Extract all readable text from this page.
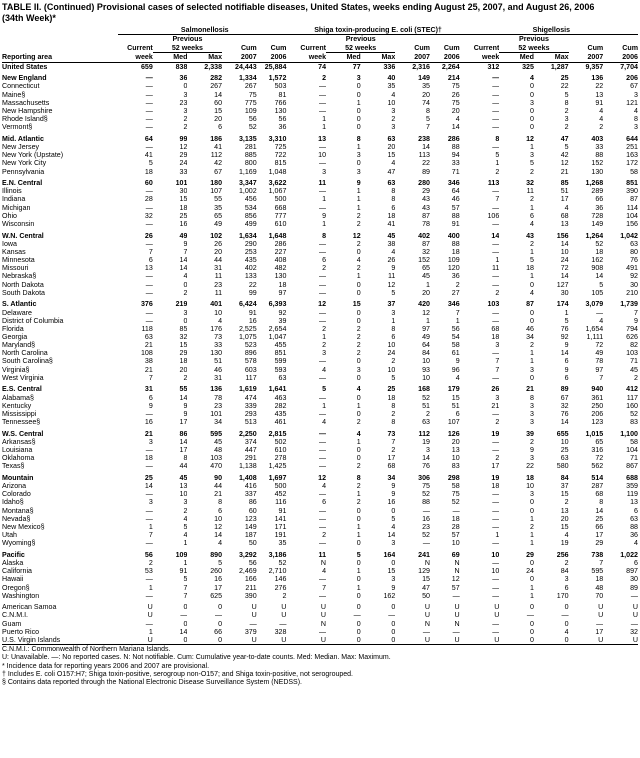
TABLE II. (Continued) Provisional cases of selected notifiable diseases, United States, weeks ending August 25, 2007, and August 26, 2006
(34th Week)*
	Salmonellosis					Shiga toxin-producing E. coli (STEC)†					Shigellosis				
		Previous					Previous					Previous			
	Current	52 weeks		Cum	Cum	Current	52 weeks		Cum	Cum	Current	52 weeks		Cum	Cum
Reporting area	week	Med	Max	2007	2006	week	Med	Max	2007	2006	week	Med	Max	2007	2006
United States	659	838	2,338	24,443	25,884	74	77	336	2,316	2,264	312	325	1,287	9,357	7,704

New England	—	36	282	1,334	1,572	2	3	40	149	214	—	4	25	136	206
Connecticut	—	0	267	267	503	—	0	35	35	75	—	0	22	22	67
Maine§	—	3	14	75	81	—	0	4	20	26	—	0	5	13	3
Massachusetts	—	23	60	775	766	—	1	10	74	75	—	3	8	91	121
New Hampshire	—	3	15	109	130	—	0	3	8	20	—	0	2	4	4
Rhode Island§	—	2	20	56	56	1	0	2	5	4	—	0	3	4	8
Vermont§	—	2	6	52	36	1	0	3	7	14	—	0	2	2	3

Mid. Atlantic	64	99	186	3,135	3,310	13	8	63	238	286	8	12	47	403	644
New Jersey	—	12	41	281	725	—	1	20	14	88	—	1	5	33	251
New York (Upstate)	41	29	112	885	722	10	3	15	113	94	5	3	42	88	163
New York City	5	24	42	800	815	—	0	4	22	33	1	5	12	152	172
Pennsylvania	18	33	67	1,169	1,048	3	3	47	89	71	2	2	21	130	58

E.N. Central	60	101	180	3,347	3,622	11	9	63	280	346	113	32	85	1,268	851
Illinois	—	30	107	1,002	1,067	—	1	8	29	64	—	11	51	289	390
Indiana	28	15	55	456	500	1	1	8	43	46	7	2	17	66	87
Michigan	—	18	35	534	668	—	1	6	43	57	—	1	4	36	114
Ohio	32	25	65	856	777	9	2	18	87	88	106	6	68	728	104
Wisconsin	—	16	49	499	610	1	2	41	78	91	—	4	13	149	156

W.N. Central	26	49	102	1,634	1,648	8	12	45	402	400	14	43	156	1,264	1,042
Iowa	—	9	26	290	286	—	2	38	87	88	—	2	14	52	63
Kansas	7	7	20	253	227	—	0	4	32	18	—	1	10	18	80
Minnesota	6	14	44	435	408	6	4	26	152	109	1	5	24	162	76
Missouri	13	14	31	402	482	2	2	9	65	120	11	18	72	908	491
Nebraska§	—	4	11	133	130	—	1	11	45	36	—	1	14	14	92
North Dakota	—	0	23	22	18	—	0	12	1	2	—	0	127	5	30
South Dakota	—	2	11	99	97	—	0	5	20	27	2	4	30	105	210

S. Atlantic	376	219	401	6,424	6,393	12	15	37	420	346	103	87	174	3,079	1,739
Delaware	—	3	10	91	92	—	0	3	12	7	—	0	1	—	7
District of Columbia	—	0	4	16	39	—	0	1	1	1	—	0	5	4	9
Florida	118	85	176	2,525	2,654	2	2	8	97	56	68	46	76	1,654	794
Georgia	63	32	73	1,075	1,047	1	2	6	49	54	18	34	92	1,111	626
Maryland§	21	15	33	523	455	2	2	10	64	58	3	2	9	72	82
North Carolina	108	29	130	896	851	3	2	24	84	61	—	1	14	49	103
South Carolina§	38	18	51	578	599	—	0	2	10	9	7	1	6	78	71
Virginia§	21	20	46	603	593	4	3	10	93	96	7	3	9	97	45
West Virginia	7	2	31	117	63	—	0	5	10	4	—	0	6	7	2

E.S. Central	31	55	136	1,619	1,641	5	4	25	168	179	26	21	89	940	412
Alabama§	6	14	78	474	463	—	0	18	52	15	3	8	67	361	117
Kentucky	9	9	23	339	282	1	1	8	51	51	21	3	32	250	160
Mississippi	—	9	101	293	435	—	0	2	2	6	—	3	76	206	52
Tennessee§	16	17	34	513	461	4	2	8	63	107	2	3	14	123	83

W.S. Central	21	86	595	2,250	2,815	—	4	73	112	126	19	39	655	1,015	1,100
Arkansas§	3	14	45	374	502	—	1	7	19	20	—	2	10	65	58
Louisiana	—	17	48	447	610	—	0	2	3	13	—	9	25	316	104
Oklahoma	18	8	103	291	278	—	0	17	14	10	2	3	63	72	71
Texas§	—	44	470	1,138	1,425	—	2	68	76	83	17	22	580	562	867

Mountain	25	45	90	1,408	1,697	12	8	34	306	298	19	18	84	514	688
Arizona	14	13	44	416	500	4	2	9	75	58	18	10	37	287	359
Colorado	—	10	21	337	452	—	1	9	52	75	—	3	15	68	119
Idaho§	3	3	8	86	116	6	2	16	88	52	—	0	2	8	13
Montana§	—	2	6	60	91	—	0	0	—	—	—	0	13	14	6
Nevada§	—	4	10	123	141	—	0	5	16	18	—	1	20	25	63
New Mexico§	1	5	12	149	171	—	1	4	23	28	—	2	15	66	88
Utah	7	4	14	187	191	2	1	14	52	57	1	1	4	17	36
Wyoming§	—	1	4	50	35	—	0	3	—	10	—	1	19	29	4

Pacific	56	109	890	3,292	3,186	11	5	164	241	69	10	29	256	738	1,022
Alaska	2	1	5	56	52	N	0	0	N	N	—	0	2	7	6
California	53	91	260	2,469	2,710	4	1	15	129	N	10	24	84	595	897
Hawaii	—	5	16	166	146	—	0	3	15	12	—	0	3	18	30
Oregon§	1	7	17	211	276	7	1	9	47	57	—	1	6	48	89
Washington	—	7	625	390	2	—	0	162	50	—	—	1	170	70	—

American Samoa	U	0	0	U	U	U	0	0	U	U	U	0	0	U	U
C.N.M.I.	U	—	—	U	U	U	—	—	U	U	U	—	—	U	U
Guam	—	0	0	—	—	N	0	0	N	N	—	0	0	—	—
Puerto Rico	1	14	66	379	328	—	0	0	—	—	—	0	4	17	32
U.S. Virgin Islands	U	0	0	U	U	U	0	0	U	U	U	0	0	U	U
C.N.M.I.: Commonwealth of Northern Mariana Islands.
U: Unavailable. —: No reported cases. N: Not notifiable. Cum: Cumulative year-to-date counts. Med: Median. Max: Maximum.
* Incidence data for reporting years 2006 and 2007 are provisional.
† Includes E. coli O157:H7; Shiga toxin-positive, serogroup non-O157; and Shiga toxin-positive, not serogrouped.
§ Contains data reported through the National Electronic Disease Surveillance System (NEDSS).
